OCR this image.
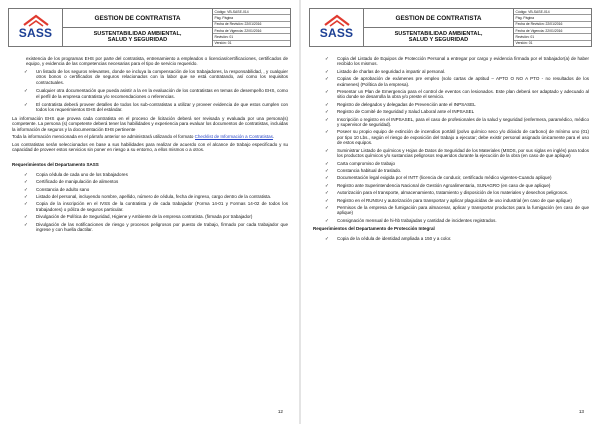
SASS
GESTION DE CONTRATISTA
SUSTENTABILIDAD AMBIENTAL,
SALUD Y SEGURIDAD
Código: VB-SASE-014
Pág. Página
Fecha de Revisión: 22/01/2016
Fecha de Vigencia: 22/01/2016
Revisión: 01
Versión: 01

existencia de los programas EHS por parte del contratista, entrenamiento a empleados o licencias/certificaciones, certificados de equipo, y evidencia de las competencias necesarias para el tipo de servicio requerido.

✓ Un listado de los seguros relevantes, donde se incluya la compensación de los trabajadores, la responsabilidad, , y cualquier otros bonos o certificados de seguros relacionados con la labor que se está contratando, así como los requisitos contractuales.
✓ Cualquier otra documentación que pueda asistir a la en la evaluación de los contratistas en temas de desempeño EHS, como el perfil de la empresa contratista y/o recomendaciones o referencias.
✓ El contratista deberá proveer detalles de todos los sub-contratistas a utilizar y proveer evidencia de que estos cumplen con todos los requerimientos EHS del estándar.

La información EHS que provea cada contratista en el proceso de licitación deberá ser revisada y evaluada por una persona(s) competente. La persona (s) competente deberá tener las habilidades y experiencia para evaluar los documentos de contratistas, incluidas la información de seguros y la documentación EHS pertinente

Toda la información mencionada en el párrafo anterior se administrará utilizando el formato Checklist de Información a Contratistas.

Los contratistas serán seleccionados en base a sus habilidades para realizar de acuerdo con el alcance de trabajo especificado y su capacidad de proveer estos servicios sin poner en riesgo a su entorno, a ellos mismos o a otros.

Requerimientos del Departamento SASS
✓ Copia cédula de cada uno de los trabajadores
✓ Certificado de manipulación de alimentos
✓ Constancia de adulto sano
✓ Listado del personal, incluyendo nombre, apellido, número de cédula, fecha de ingreso, cargo dentro de la contratista.
✓ Copia de la inscripción en el IVSS de la contratista y de cada trabajador (Forma 14-01 y Formas 14-02 de todos los trabajadores) o póliza de seguros particular.
✓ Divulgación de Política de Seguridad, Higiene y Ambiente de la empresa contratista. (firmada por trabajador)
✓ Divulgación de las notificaciones de riesgo y procesos peligrosos por puesto de trabajo, firmado por cada trabajador que ingrese y con huella dactilar.
12
SASS
GESTION DE CONTRATISTA
SUSTENTABILIDAD AMBIENTAL,
SALUD Y SEGURIDAD
Código: VB-SASE-014
Pág. Página
Fecha de Revisión: 22/01/2016
Fecha de Vigencia: 22/01/2016
Revisión: 01
Versión: 01
✓ Copia del Listado de Equipos de Protección Personal a entregar por cargo y evidencia firmada por el trabajador(a) de haber recibido los mismos.
✓ Listado de charlas de seguridad a impartir al personal.
✓ Copias de aprobación de exámenes pre empleo (solo cartas de aptitud – APTO O NO A PTO - no resultados de los exámenes) (Política de la empresa).
✓ Presentar un Plan de Emergencia para el control de eventos con lesionados. Este plan deberá ser adaptado y adecuado al sitio donde se desarrolla la obra y/o preste el servicio.
✓ Registro de delegados y delegadas de Prevención ante el INPSASEL
✓ Registro de Comité de Seguridad y Salud Laboral ante el INPSASEL
✓ Inscripción o registro en el INPSASEL, para el caso de profesionales de la salud y seguridad (enfermera, paramédico, médico y supervisor de seguridad).
✓ Poseer su propio equipo de extinción de incendios portátil (polvo químico seco y/o dióxido de carbono) de mínimo uno (01) por tipo 10 Lbs., según el riesgo de exposición del trabajo a ejecutar; debe existir personal asignado únicamente para el uso de estos equipos.
✓ Suministrar Listado de químicos y Hojas de Datos de Seguridad de los Materiales (MSDS, por sus siglas en inglés) para todos los productos químicos y/o sustancias peligrosos requeridos durante la ejecución de la obra (en caso de que aplique)
✓ Carta compromiso de trabajo
✓ Constancia habitual de traslado.
✓ Documentación legal exigida por el INTT (licencia de conducir, certificado médico vigentes-Cuando aplique)
✓ Registro ante Superintendencia Nacional de Gestión Agroalimentaria, SUNAGRO (en caso de que aplique)
✓ Autorización para el transporte, almacenamiento, tratamiento y disposición de los materiales y desechos peligrosos.
✓ Registro en el RUNSAI y autorización para transportar y aplicar plaguicidas de uso industrial (en caso de que aplique)
✓ Permisos de la empresa de fumigación para almacenar, aplicar y transportar productos para la fumigación (en caso de que aplique)
✓ Consignación mensual de hi-hb trabajadas y cantidad de incidentes registrados.
Requerimientos del Departamento de Protección Integral
✓ Copia de la cédula de identidad ampliada a 150 y a color.
13
